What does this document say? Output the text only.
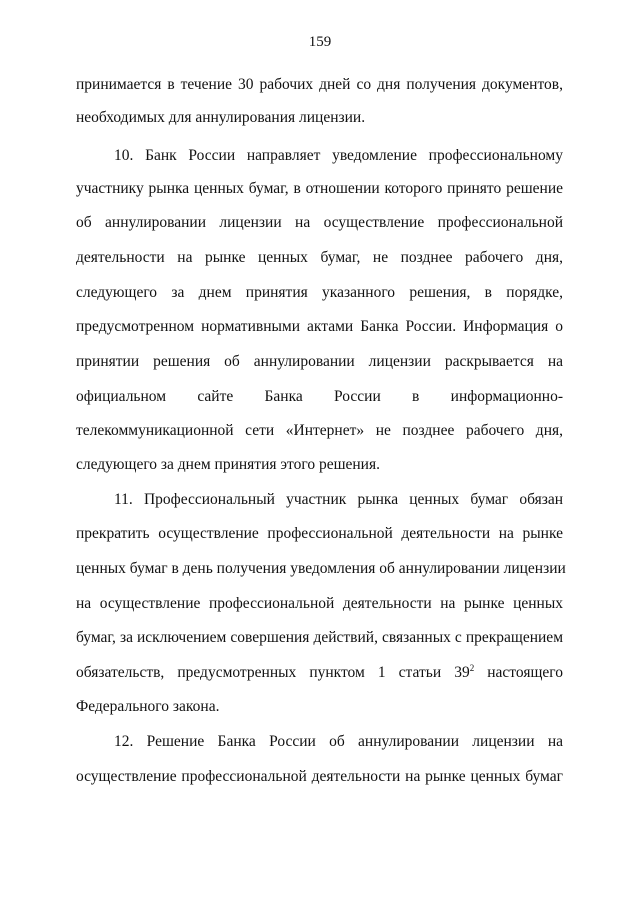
159
принимается в течение 30 рабочих дней со дня получения документов,
необходимых для аннулирования лицензии.
10. Банк России направляет уведомление профессиональному
участнику рынка ценных бумаг, в отношении которого принято решение
об аннулировании лицензии на осуществление профессиональной
деятельности на рынке ценных бумаг, не позднее рабочего дня,
следующего за днем принятия указанного решения, в порядке,
предусмотренном нормативными актами Банка России. Информация о
принятии решения об аннулировании лицензии раскрывается на
официальном сайте Банка России в информационно-
телекоммуникационной сети «Интернет» не позднее рабочего дня,
следующего за днем принятия этого решения.
11. Профессиональный участник рынка ценных бумаг обязан
прекратить осуществление профессиональной деятельности на рынке
ценных бумаг в день получения уведомления об аннулировании лицензии
на осуществление профессиональной деятельности на рынке ценных
бумаг, за исключением совершения действий, связанных с прекращением
обязательств, предусмотренных пунктом 1 статьи $39^2$ настоящего
Федерального закона.
12. Решение Банка России об аннулировании лицензии на
осуществление профессиональной деятельности на рынке ценных бумаг
